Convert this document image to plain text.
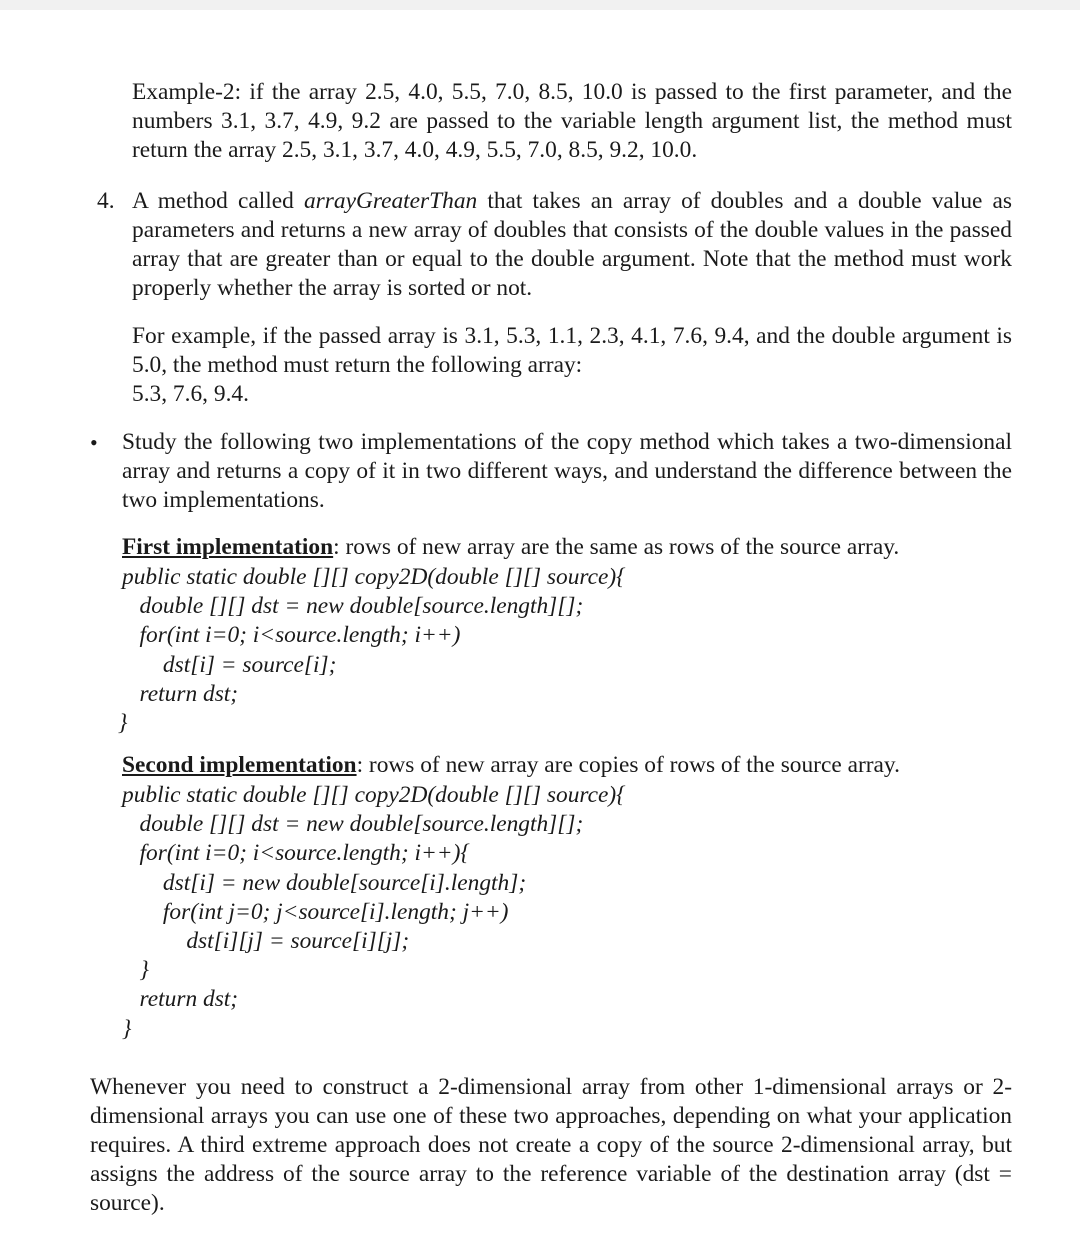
Example-2: if the array 2.5, 4.0, 5.5, 7.0, 8.5, 10.0 is passed to the first parameter, and the numbers 3.1, 3.7, 4.9, 9.2 are passed to the variable length argument list, the method must return the array 2.5, 3.1, 3.7, 4.0, 4.9, 5.5, 7.0, 8.5, 9.2, 10.0.
4. A method called arrayGreaterThan that takes an array of doubles and a double value as parameters and returns a new array of doubles that consists of the double values in the passed array that are greater than or equal to the double argument. Note that the method must work properly whether the array is sorted or not.
For example, if the passed array is 3.1, 5.3, 1.1, 2.3, 4.1, 7.6, 9.4, and the double argument is 5.0, the method must return the following array:
5.3, 7.6, 9.4.
• Study the following two implementations of the copy method which takes a two-dimensional array and returns a copy of it in two different ways, and understand the difference between the two implementations.
First implementation: rows of new array are the same as rows of the source array.
public static double [][] copy2D(double [][] source){
double [][] dst = new double[source.length][];
for(int i=0; i<source.length; i++)
dst[i] = source[i];
return dst;
}
Second implementation: rows of new array are copies of rows of the source array.
public static double [][] copy2D(double [][] source){
double [][] dst = new double[source.length][];
for(int i=0; i<source.length; i++){
dst[i] = new double[source[i].length];
for(int j=0; j<source[i].length; j++)
dst[i][j] = source[i][j];
}
return dst;
}
Whenever you need to construct a 2-dimensional array from other 1-dimensional arrays or 2-dimensional arrays you can use one of these two approaches, depending on what your application requires. A third extreme approach does not create a copy of the source 2-dimensional array, but assigns the address of the source array to the reference variable of the destination array (dst = source).
